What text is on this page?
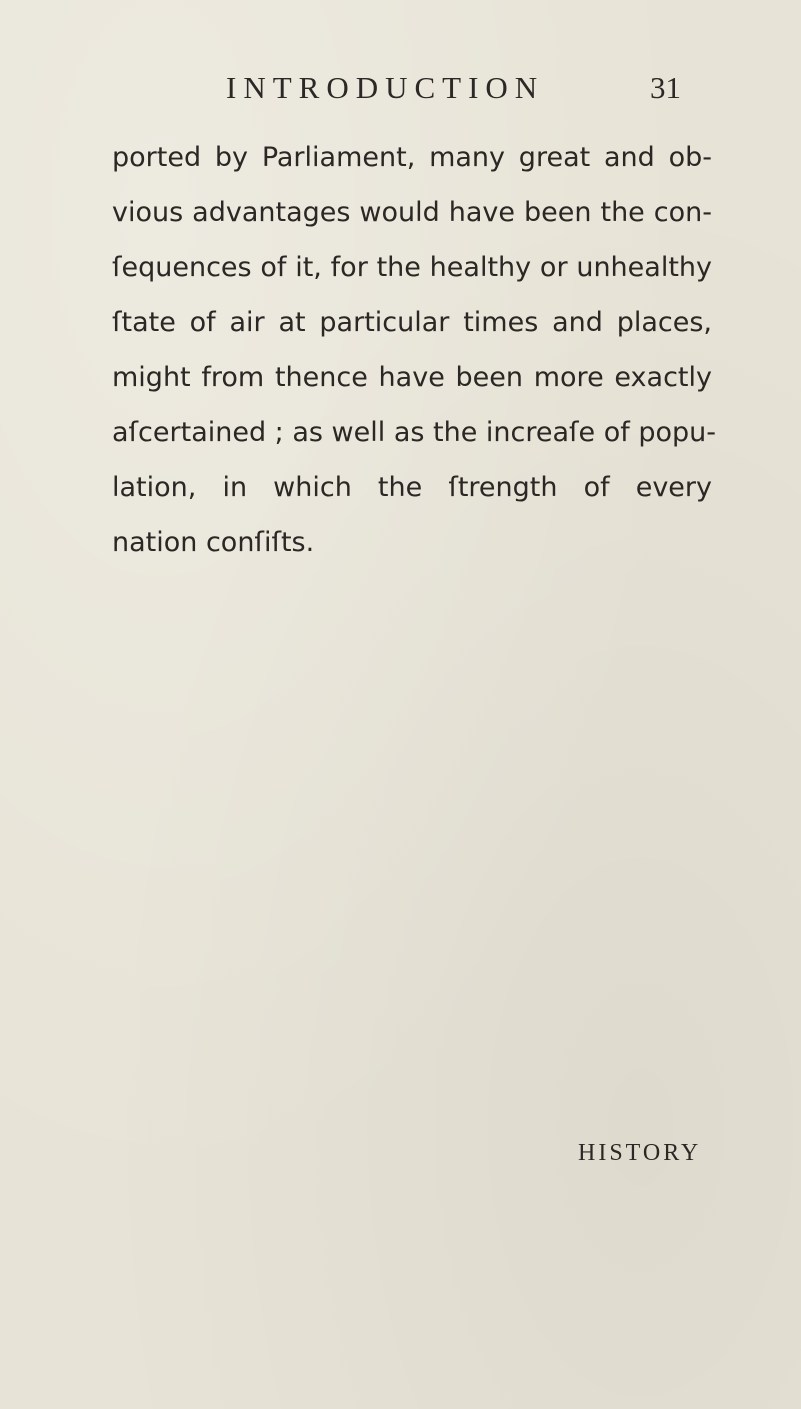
INTRODUCTION	31
ported by Parliament, many great and ob-
vious advantages would have been the con-
ſequences of it, for the healthy or unhealthy
ſtate of air at particular times and places,
might from thence have been more exactly
aſcertained ; as well as the increaſe of popu-
lation, in which the ſtrength of every
nation conſiſts.
HISTORY
